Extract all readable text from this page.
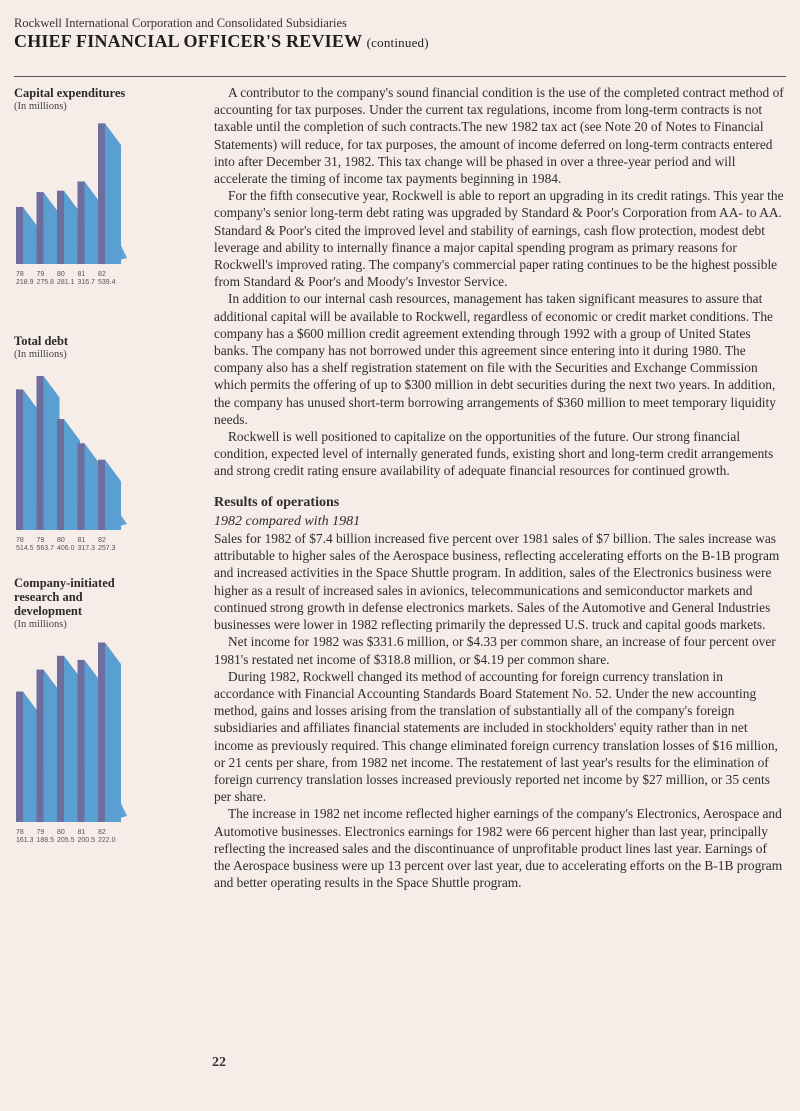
Rockwell International Corporation and Consolidated Subsidiaries
CHIEF FINANCIAL OFFICER'S REVIEW (continued)
Capital expenditures
(In millions)
78
218.9
79
275.8
80
281.1
81
316.7
82
539.4
Total debt
(In millions)
78
514.5
79
563.7
80
406.0
81
317.3
82
257.3
Company-initiated research and development
(In millions)
78
161.3
79
188.5
80
205.5
81
200.5
82
222.0

A contributor to the company's sound financial condition is the use of the completed contract method of accounting for tax purposes. Under the current tax regulations, income from long-term contracts is not taxable until the completion of such contracts.The new 1982 tax act (see Note 20 of Notes to Financial Statements) will reduce, for tax purposes, the amount of income deferred on long-term contracts entered into after December 31, 1982. This tax change will be phased in over a three-year period and will accelerate the timing of income tax payments beginning in 1984.

For the fifth consecutive year, Rockwell is able to report an upgrading in its credit ratings. This year the company's senior long-term debt rating was upgraded by Standard & Poor's Corporation from AA- to AA. Standard & Poor's cited the improved level and stability of earnings, cash flow protection, modest debt leverage and ability to internally finance a major capital spending program as primary reasons for Rockwell's improved rating. The company's commercial paper rating continues to be the highest possible from Standard & Poor's and Moody's Investor Service.

In addition to our internal cash resources, management has taken significant measures to assure that additional capital will be available to Rockwell, regardless of economic or credit market conditions. The company has a $600 million credit agreement extending through 1992 with a group of United States banks. The company has not borrowed under this agreement since entering into it during 1980. The company also has a shelf registration statement on file with the Securities and Exchange Commission which permits the offering of up to $300 million in debt securities during the next two years. In addition, the company has unused short-term borrowing arrangements of $360 million to meet temporary liquidity needs.

Rockwell is well positioned to capitalize on the opportunities of the future. Our strong financial condition, expected level of internally generated funds, existing short and long-term credit arrangements and strong credit rating ensure availability of adequate financial resources for continued growth.

Results of operations
1982 compared with 1981

Sales for 1982 of $7.4 billion increased five percent over 1981 sales of $7 billion. The sales increase was attributable to higher sales of the Aerospace business, reflecting accelerating efforts on the B-1B program and increased activities in the Space Shuttle program. In addition, sales of the Electronics business were higher as a result of increased sales in avionics, telecommunications and semiconductor markets and continued strong growth in defense electronics markets. Sales of the Automotive and General Industries businesses were lower in 1982 reflecting primarily the depressed U.S. truck and capital goods markets.

Net income for 1982 was $331.6 million, or $4.33 per common share, an increase of four percent over 1981's restated net income of $318.8 million, or $4.19 per common share.

During 1982, Rockwell changed its method of accounting for foreign currency translation in accordance with Financial Accounting Standards Board Statement No. 52. Under the new accounting method, gains and losses arising from the translation of substantially all of the company's foreign subsidiaries and affiliates financial statements are included in stockholders' equity rather than in net income as previously required. This change eliminated foreign currency translation losses of $16 million, or 21 cents per share, from 1982 net income. The restatement of last year's results for the elimination of foreign currency translation losses increased previously reported net income by $27 million, or 35 cents per share.

The increase in 1982 net income reflected higher earnings of the company's Electronics, Aerospace and Automotive businesses. Electronics earnings for 1982 were 66 percent higher than last year, principally reflecting the increased sales and the discontinuance of unprofitable product lines last year. Earnings of the Aerospace business were up 13 percent over last year, due to accelerating efforts on the B-1B program and better operating results in the Space Shuttle program.

22
